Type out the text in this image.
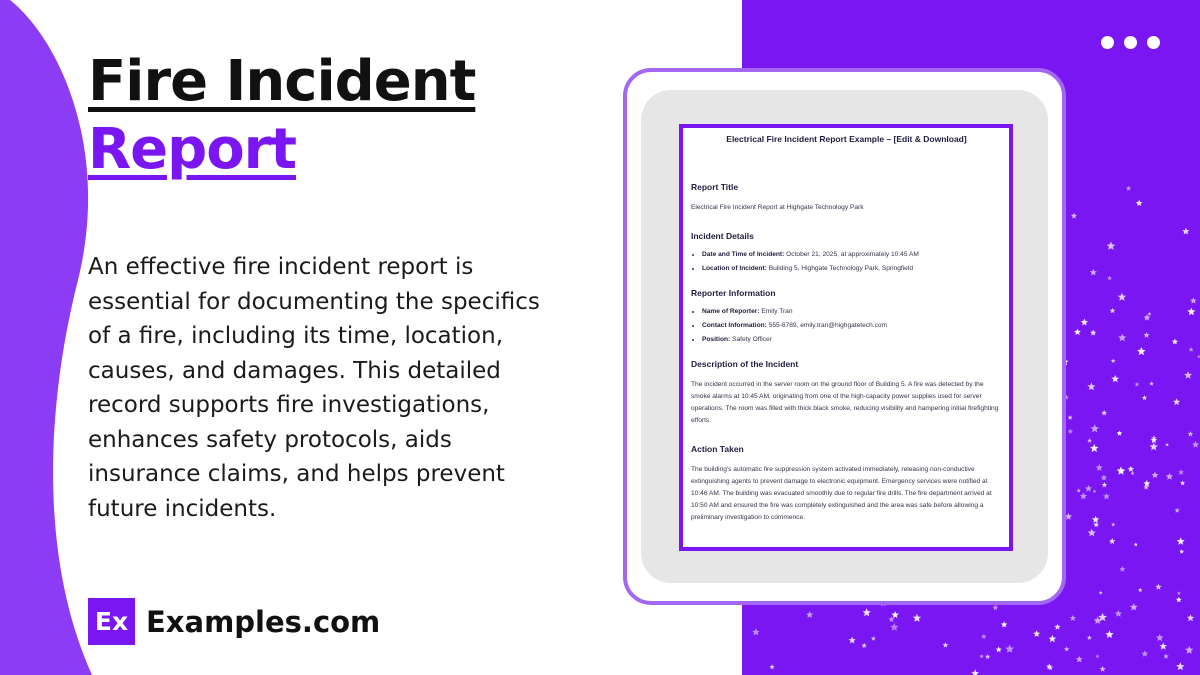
Fire Incident
Report

An effective fire incident report is essential for documenting the specifics of a fire, including its time, location, causes, and damages. This detailed record supports fire investigations, enhances safety protocols, aids insurance claims, and helps prevent future incidents.

Ex Examples.com
Electrical Fire Incident Report Example – [Edit & Download]
Report Title
Electrical Fire Incident Report at Highgate Technology Park
Incident Details
• Date and Time of Incident: October 21, 2025, at approximately 10:45 AM
• Location of Incident: Building 5, Highgate Technology Park, Springfield
Reporter Information
• Name of Reporter: Emily Tran
• Contact Information: 555-6789, emily.tran@highgatetech.com
• Position: Safety Officer
Description of the Incident
The incident occurred in the server room on the ground floor of Building 5. A fire was detected by the smoke alarms at 10:45 AM, originating from one of the high-capacity power supplies used for server operations. The room was filled with thick black smoke, reducing visibility and hampering initial firefighting efforts.
Action Taken
The building's automatic fire suppression system activated immediately, releasing non-conductive extinguishing agents to prevent damage to electronic equipment. Emergency services were notified at 10:46 AM. The building was evacuated smoothly due to regular fire drills. The fire department arrived at 10:50 AM and ensured the fire was completely extinguished and the area was safe before allowing a preliminary investigation to commence.
